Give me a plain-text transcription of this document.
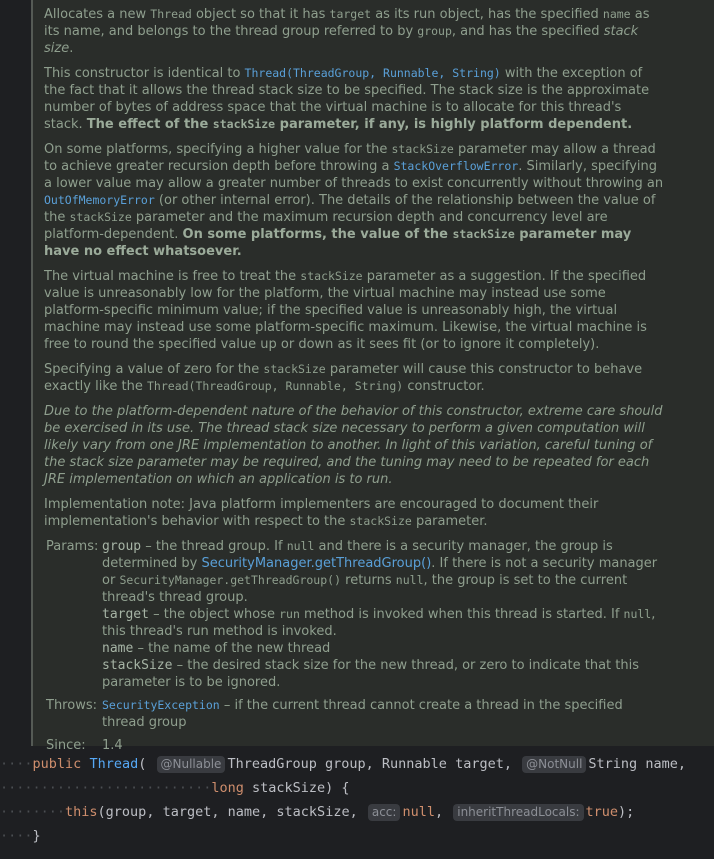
Allocates a new Thread object so that it has target as its run object, has the specified name as its name, and belongs to the thread group referred to by group, and has the specified stack size.
This constructor is identical to Thread(ThreadGroup, Runnable, String) with the exception of the fact that it allows the thread stack size to be specified. The stack size is the approximate number of bytes of address space that the virtual machine is to allocate for this thread's stack. The effect of the stackSize parameter, if any, is highly platform dependent.
On some platforms, specifying a higher value for the stackSize parameter may allow a thread to achieve greater recursion depth before throwing a StackOverflowError. Similarly, specifying a lower value may allow a greater number of threads to exist concurrently without throwing an OutOfMemoryError (or other internal error). The details of the relationship between the value of the stackSize parameter and the maximum recursion depth and concurrency level are platform-dependent. On some platforms, the value of the stackSize parameter may have no effect whatsoever.
The virtual machine is free to treat the stackSize parameter as a suggestion. If the specified value is unreasonably low for the platform, the virtual machine may instead use some platform-specific minimum value; if the specified value is unreasonably high, the virtual machine may instead use some platform-specific maximum. Likewise, the virtual machine is free to round the specified value up or down as it sees fit (or to ignore it completely).
Specifying a value of zero for the stackSize parameter will cause this constructor to behave exactly like the Thread(ThreadGroup, Runnable, String) constructor.
Due to the platform-dependent nature of the behavior of this constructor, extreme care should be exercised in its use. The thread stack size necessary to perform a given computation will likely vary from one JRE implementation to another. In light of this variation, careful tuning of the stack size parameter may be required, and the tuning may need to be repeated for each JRE implementation on which an application is to run.
Implementation note: Java platform implementers are encouraged to document their implementation's behavior with respect to the stackSize parameter.
Params: group – the thread group. If null and there is a security manager, the group is determined by SecurityManager.getThreadGroup(). If there is not a security manager or SecurityManager.getThreadGroup() returns null, the group is set to the current thread's thread group.
target – the object whose run method is invoked when this thread is started. If null, this thread's run method is invoked.
name – the name of the new thread
stackSize – the desired stack size for the new thread, or zero to indicate that this parameter is to be ignored.
Throws: SecurityException – if the current thread cannot create a thread in the specified thread group
Since:	1.4
····public Thread( @Nullable ThreadGroup group, Runnable target, @NotNull String name,
··························long stackSize) {
········this(group, target, name, stackSize, acc: null, inheritThreadLocals: true);
····}
